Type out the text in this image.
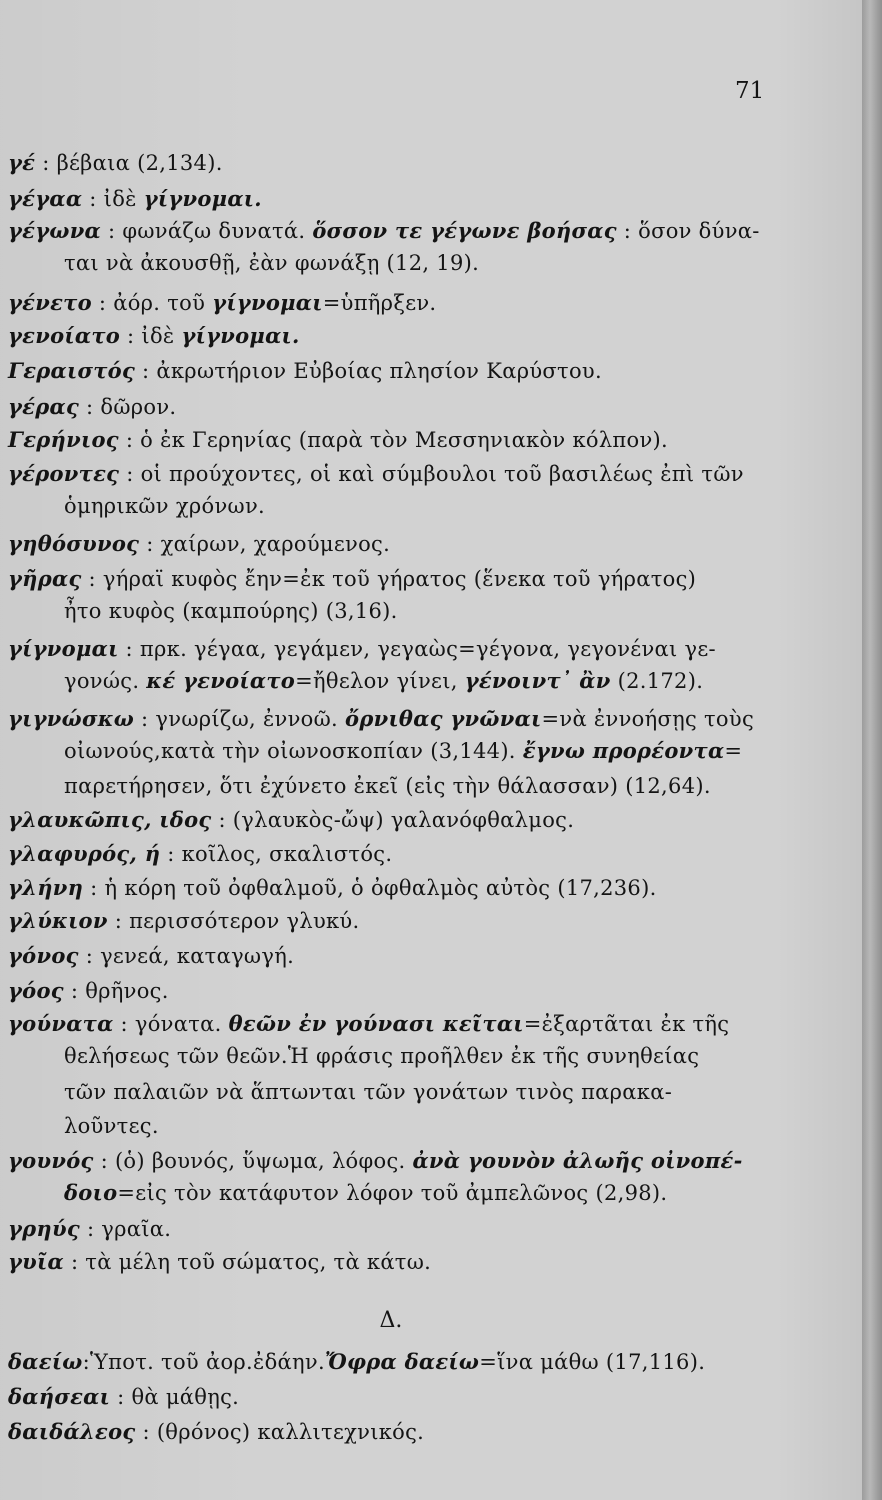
71
γέ : βέβαια (2,134).
γέγαα : ἰδὲ γίγνομαι.
γέγωνα : φωνάζω δυνατά. ὅσσον τε γέγωνε βοήσας : ὅσον δύνα-
ται νὰ ἀκουσθῇ, ἐὰν φωνάξῃ (12, 19).
γένετο : ἀόρ. τοῦ γίγνομαι=ὑπῆρξεν.
γενοίατο : ἰδὲ γίγνομαι.
Γεραιστός : ἀκρωτήριον Εὐβοίας πλησίον Καρύστου.
γέρας : δῶρον.
Γερήνιος : ὁ ἐκ Γερηνίας (παρὰ τὸν Μεσσηνιακὸν κόλπον).
γέροντες : οἱ προύχοντες, οἱ καὶ σύμβουλοι τοῦ βασιλέως ἐπὶ τῶν
ὁμηρικῶν χρόνων.
γηθόσυνος : χαίρων, χαρούμενος.
γῆρας : γήραϊ κυφὸς ἔην=ἐκ τοῦ γήρατος (ἕνεκα τοῦ γήρατος)
ἦτο κυφὸς (καμπούρης) (3,16).
γίγνομαι : πρκ. γέγαα, γεγάμεν, γεγαὼς=γέγονα, γεγονέναι γε-
γονώς. κέ γενοίατο=ἤθελον γίνει, γένοιντ᾽ ἂν (2.172).
γιγνώσκω : γνωρίζω, ἐννοῶ. ὄρνιθας γνῶναι=νὰ ἐννοήσῃς τοὺς
οἰωνούς,κατὰ τὴν οἰωνοσκοπίαν (3,144). ἔγνω προρέοντα=
παρετήρησεν, ὅτι ἐχύνετο ἐκεῖ (εἰς τὴν θάλασσαν) (12,64).
γλαυκῶπις, ιδος : (γλαυκὸς-ὤψ) γαλανόφθαλμος.
γλαφυρός, ή : κοῖλος, σκαλιστός.
γλήνη : ἡ κόρη τοῦ ὀφθαλμοῦ, ὁ ὀφθαλμὸς αὐτὸς (17,236).
γλύκιον : περισσότερον γλυκύ.
γόνος : γενεά, καταγωγή.
γόος : θρῆνος.
γούνατα : γόνατα. θεῶν ἐν γούνασι κεῖται=ἐξαρτᾶται ἐκ τῆς
θελήσεως τῶν θεῶν.Ἡ φράσις προῆλθεν ἐκ τῆς συνηθείας
τῶν παλαιῶν νὰ ἅπτωνται τῶν γονάτων τινὸς παρακα-
λοῦντες.
γουνός : (ὁ) βουνός, ὕψωμα, λόφος. ἀνὰ γουνὸν ἀλωῆς οἰνοπέ-
δοιο=εἰς τὸν κατάφυτον λόφον τοῦ ἀμπελῶνος (2,98).
γρηύς : γραῖα.
γυῖα : τὰ μέλη τοῦ σώματος, τὰ κάτω.
Δ.
δαείω:Ὑποτ. τοῦ ἀορ.ἐδάην.Ὄφρα δαείω=ἵνα μάθω (17,116).
δαήσεαι : θὰ μάθῃς.
δαιδάλεος : (θρόνος) καλλιτεχνικός.
